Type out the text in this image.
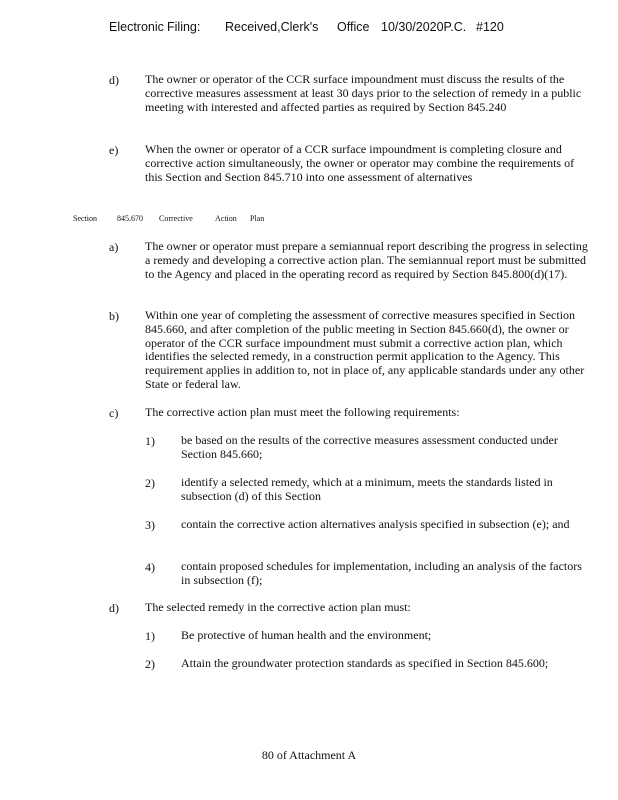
Electronic Filing: Received,Clerk's Office 10/30/2020P.C. #120
d) The owner or operator of the CCR surface impoundment must discuss the results of the corrective measures assessment at least 30 days prior to the selection of remedy in a public meeting with interested and affected parties as required by Section 845.240
e) When the owner or operator of a CCR surface impoundment is completing closure and corrective action simultaneously, the owner or operator may combine the requirements of this Section and Section 845.710 into one assessment of alternatives
Section	845.670 Corrective	Action Plan
a) The owner or operator must prepare a semiannual report describing the progress in selecting a remedy and developing a corrective action plan. The semiannual report must be submitted to the Agency and placed in the operating record as required by Section 845.800(d)(17).
b) Within one year of completing the assessment of corrective measures specified in Section 845.660, and after completion of the public meeting in Section 845.660(d), the owner or operator of the CCR surface impoundment must submit a corrective action plan, which identifies the selected remedy, in a construction permit application to the Agency. This requirement applies in addition to, not in place of, any applicable standards under any other State or federal law.
c) The corrective action plan must meet the following requirements:
1) be based on the results of the corrective measures assessment conducted under Section 845.660;
2) identify a selected remedy, which at a minimum, meets the standards listed in subsection (d) of this Section
3) contain the corrective action alternatives analysis specified in subsection (e); and
4) contain proposed schedules for implementation, including an analysis of the factors in subsection (f);
d) The selected remedy in the corrective action plan must:
1) Be protective of human health and the environment;
2) Attain the groundwater protection standards as specified in Section 845.600;
80 of Attachment A
